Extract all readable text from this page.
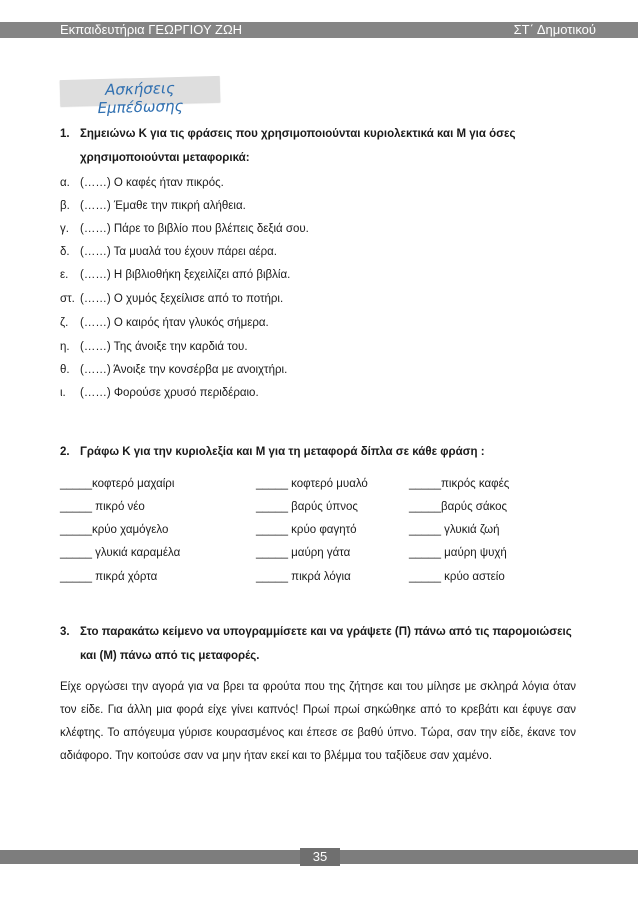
Εκπαιδευτήρια ΓΕΩΡΓΙΟΥ ΖΩΗ	ΣΤ΄ Δημοτικού
Ασκήσεις Εμπέδωσης
1. Σημειώνω Κ για τις φράσεις που χρησιμοποιούνται κυριολεκτικά και Μ για όσες
χρησιμοποιούνται μεταφορικά:
α. (……) Ο καφές ήταν πικρός.
β. (……) Έμαθε την πικρή αλήθεια.
γ. (……) Πάρε το βιβλίο που βλέπεις δεξιά σου.
δ. (……) Τα μυαλά του έχουν πάρει αέρα.
ε. (……) Η βιβλιοθήκη ξεχειλίζει από βιβλία.
στ. (……) Ο χυμός ξεχείλισε από το ποτήρι.
ζ. (……) Ο καιρός ήταν γλυκός σήμερα.
η. (……) Της άνοιξε την καρδιά του.
θ. (……) Άνοιξε την κονσέρβα με ανοιχτήρι.
ι. (……) Φορούσε χρυσό περιδέραιο.
2. Γράφω Κ για την κυριολεξία και Μ για τη μεταφορά δίπλα σε κάθε φράση :
_____κοφτερό μαχαίρι	_____ κοφτερό μυαλό	_____πικρός καφές
_____ πικρό νέο	_____ βαρύς ύπνος	_____βαρύς σάκος
_____κρύο χαμόγελο	_____ κρύο φαγητό	_____ γλυκιά ζωή
_____ γλυκιά καραμέλα	_____ μαύρη γάτα	_____ μαύρη ψυχή
_____ πικρά χόρτα	_____ πικρά λόγια	_____ κρύο αστείο
3. Στο παρακάτω κείμενο να υπογραμμίσετε και να γράψετε (Π) πάνω από τις παρομοιώσεις
και (Μ) πάνω από τις μεταφορές.
Είχε οργώσει την αγορά για να βρει τα φρούτα που της ζήτησε και του μίλησε με σκληρά λόγια όταν τον είδε. Για άλλη μια φορά είχε γίνει καπνός! Πρωί πρωί σηκώθηκε από το κρεβάτι και έφυγε σαν κλέφτης. Το απόγευμα γύρισε κουρασμένος και έπεσε σε βαθύ ύπνο. Τώρα, σαν την είδε, έκανε τον αδιάφορο. Την κοιτούσε σαν να μην ήταν εκεί και το βλέμμα του ταξίδευε σαν χαμένο.
35
